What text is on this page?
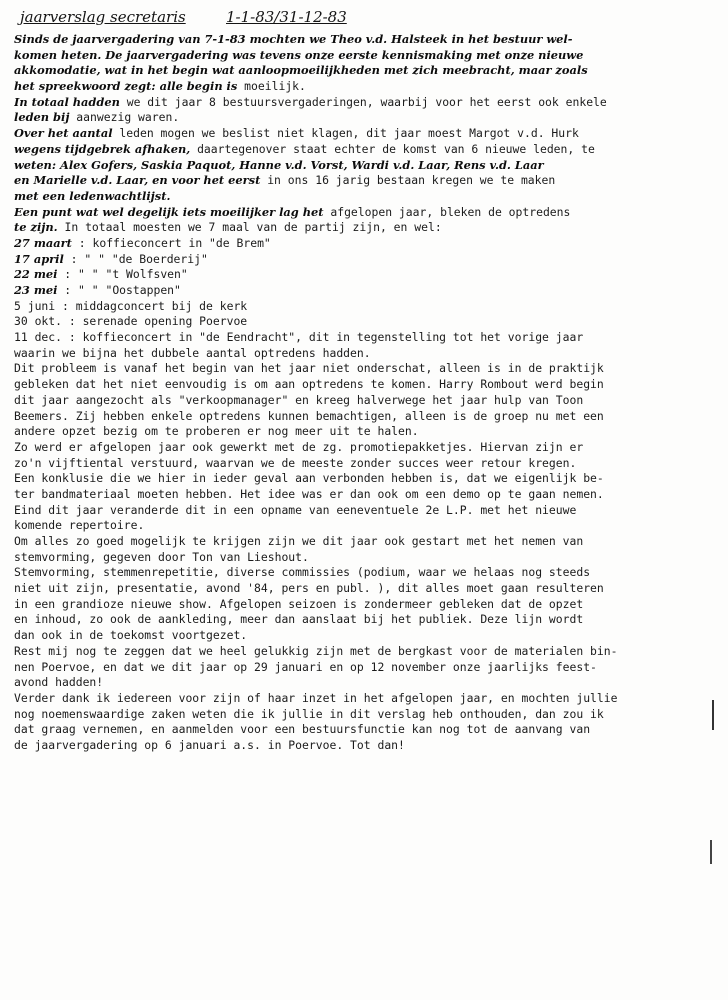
jaarverslag secretaris	1-1-83/31-12-83
Sinds de jaarvergadering van 7-1-83 mochten we Theo v.d. Halsteek in het bestuur wel-
komen heten. De jaarvergadering was tevens onze eerste kennismaking met onze nieuwe
akkomodatie, wat in het begin wat aanloopmoeilijkheden met zich meebracht, maar zoals
het spreekwoord zegt: alle begin is moeilijk.
In totaal hadden we dit jaar 8 bestuursvergaderingen, waarbij voor het eerst ook enkele
leden bij aanwezig waren.
Over het aantal leden mogen we beslist niet klagen, dit jaar moest Margot v.d. Hurk
wegens tijdgebrek afhaken, daartegenover staat echter de komst van 6 nieuwe leden, te
weten: Alex Gofers, Saskia Paquot, Hanne v.d. Vorst, Wardi v.d. Laar, Rens v.d. Laar
en Marielle v.d. Laar, en voor het eerst in ons 16 jarig bestaan kregen we te maken
met een ledenwachtlijst.
Een punt wat wel degelijk iets moeilijker lag het afgelopen jaar, bleken de optredens
te zijn. In totaal moesten we 7 maal van de partij zijn, en wel:
27 maart : koffieconcert in "de Brem"
17 april : " " "de Boerderij"
22 mei : " " "t Wolfsven"
23 mei : " " "Oostappen"
5 juni : middagconcert bij de kerk
30 okt. : serenade opening Poervoe
11 dec. : koffieconcert in "de Eendracht", dit in tegenstelling tot het vorige jaar
waarin we bijna het dubbele aantal optredens hadden.
Dit probleem is vanaf het begin van het jaar niet onderschat, alleen is in de praktijk
gebleken dat het niet eenvoudig is om aan optredens te komen. Harry Rombout werd begin
dit jaar aangezocht als "verkoopmanager" en kreeg halverwege het jaar hulp van Toon
Beemers. Zij hebben enkele optredens kunnen bemachtigen, alleen is de groep nu met een
andere opzet bezig om te proberen er nog meer uit te halen.
Zo werd er afgelopen jaar ook gewerkt met de zg. promotiepakketjes. Hiervan zijn er
zo'n vijftiental verstuurd, waarvan we de meeste zonder succes weer retour kregen.
Een konklusie die we hier in ieder geval aan verbonden hebben is, dat we eigenlijk be-
ter bandmateriaal moeten hebben. Het idee was er dan ook om een demo op te gaan nemen.
Eind dit jaar veranderde dit in een opname van eeneventuele 2e L.P. met het nieuwe
komende repertoire.
Om alles zo goed mogelijk te krijgen zijn we dit jaar ook gestart met het nemen van
stemvorming, gegeven door Ton van Lieshout.
Stemvorming, stemmenrepetitie, diverse commissies (podium, waar we helaas nog steeds
niet uit zijn, presentatie, avond '84, pers en publ. ), dit alles moet gaan resulteren
in een grandioze nieuwe show. Afgelopen seizoen is zondermeer gebleken dat de opzet
en inhoud, zo ook de aankleding, meer dan aanslaat bij het publiek. Deze lijn wordt
dan ook in de toekomst voortgezet.
Rest mij nog te zeggen dat we heel gelukkig zijn met de bergkast voor de materialen bin-
nen Poervoe, en dat we dit jaar op 29 januari en op 12 november onze jaarlijks feest-
avond hadden!
Verder dank ik iedereen voor zijn of haar inzet in het afgelopen jaar, en mochten jullie
nog noemenswaardige zaken weten die ik jullie in dit verslag heb onthouden, dan zou ik
dat graag vernemen, en aanmelden voor een bestuursfunctie kan nog tot de aanvang van
de jaarvergadering op 6 januari a.s. in Poervoe. Tot dan!
